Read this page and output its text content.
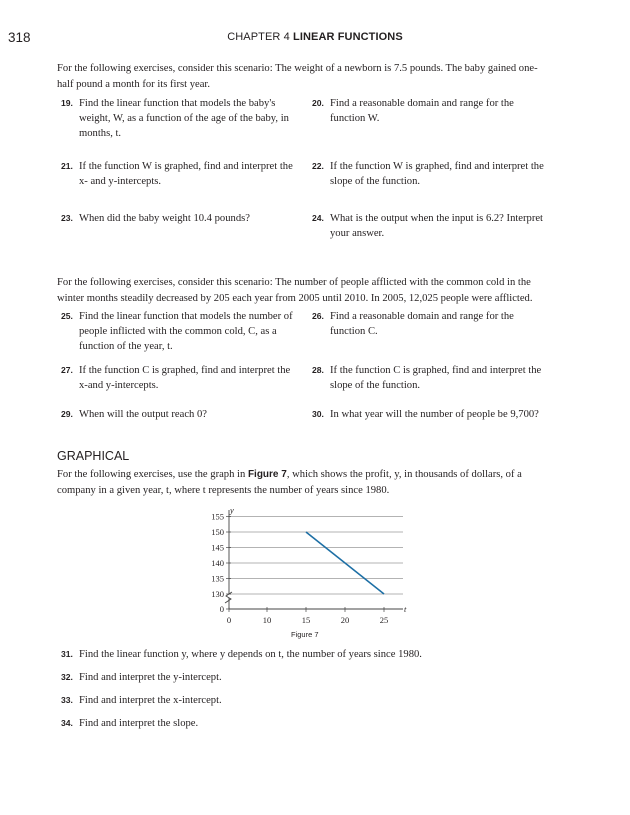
318	CHAPTER 4 LINEAR FUNCTIONS
For the following exercises, consider this scenario: The weight of a newborn is 7.5 pounds. The baby gained one-half pound a month for its first year.
19. Find the linear function that models the baby's weight, W, as a function of the age of the baby, in months, t.
20. Find a reasonable domain and range for the function W.
21. If the function W is graphed, find and interpret the x- and y-intercepts.
22. If the function W is graphed, find and interpret the slope of the function.
23. When did the baby weight 10.4 pounds?	24. What is the output when the input is 6.2? Interpret your answer.
For the following exercises, consider this scenario: The number of people afflicted with the common cold in the winter months steadily decreased by 205 each year from 2005 until 2010. In 2005, 12,025 people were afflicted.
25. Find the linear function that models the number of people inflicted with the common cold, C, as a function of the year, t.
26. Find a reasonable domain and range for the function C.
27. If the function C is graphed, find and interpret the x-and y-intercepts.
28. If the function C is graphed, find and interpret the slope of the function.
29. When will the output reach 0?	30. In what year will the number of people be 9,700?
GRAPHICAL
For the following exercises, use the graph in Figure 7, which shows the profit, y, in thousands of dollars, of a company in a given year, t, where t represents the number of years since 1980.
y
t
0
130
135
140
145
150
155
0	10	15	20	25
Figure 7
31. Find the linear function y, where y depends on t, the number of years since 1980.
32. Find and interpret the y-intercept.
33. Find and interpret the x-intercept.
34. Find and interpret the slope.
